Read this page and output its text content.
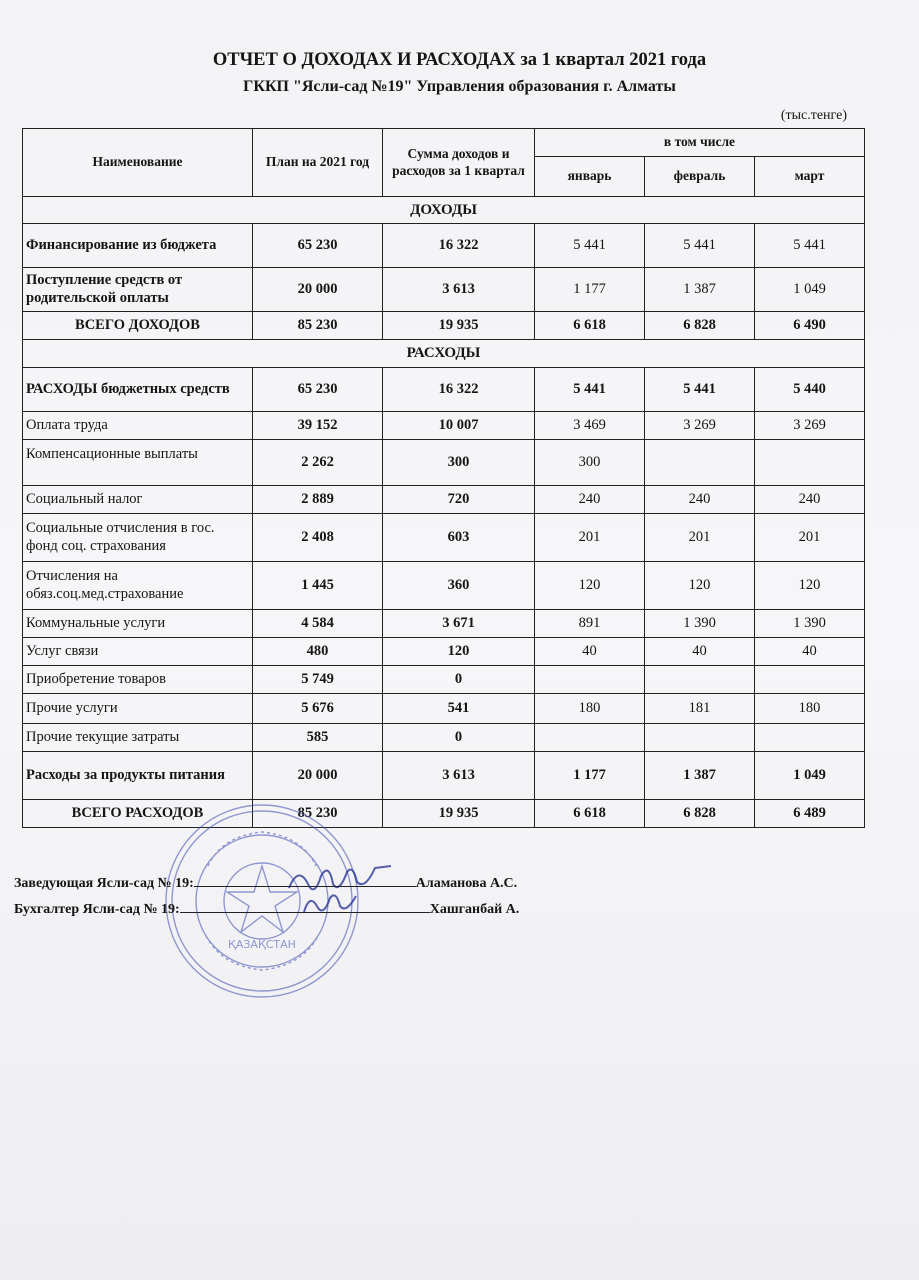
ОТЧЕТ О ДОХОДАХ И РАСХОДАХ за 1 квартал 2021 года
ГККП "Ясли-сад №19" Управления образования г. Алматы
(тыс.тенге)
Наименование	План на 2021 год	Сумма доходов и расходов за 1 квартал	в том числе		
			январь	февраль	март
ДОХОДЫ					
Финансирование из бюджета	65 230	16 322	5 441	5 441	5 441
Поступление средств от родительской оплаты	20 000	3 613	1 177	1 387	1 049
ВСЕГО ДОХОДОВ	85 230	19 935	6 618	6 828	6 490
РАСХОДЫ					
РАСХОДЫ бюджетных средств	65 230	16 322	5 441	5 441	5 440
Оплата труда	39 152	10 007	3 469	3 269	3 269
Компенсационные выплаты	2 262	300	300		
Социальный налог	2 889	720	240	240	240
Социальные отчисления в гос. фонд соц. страхования	2 408	603	201	201	201
Отчисления на обяз.соц.мед.страхование	1 445	360	120	120	120
Коммунальные услуги	4 584	3 671	891	1 390	1 390
Услуг связи	480	120	40	40	40
Приобретение товаров	5 749	0			
Прочие услуги	5 676	541	180	181	180
Прочие текущие затраты	585	0			
Расходы за продукты питания	20 000	3 613	1 177	1 387	1 049
ВСЕГО РАСХОДОВ	85 230	19 935	6 618	6 828	6 489
ҚАЗАҚСТАН
Заведующая Ясли-сад № 19:	Аламанова А.С.
Бухгалтер Ясли-сад № 19:	Хашганбай А.
